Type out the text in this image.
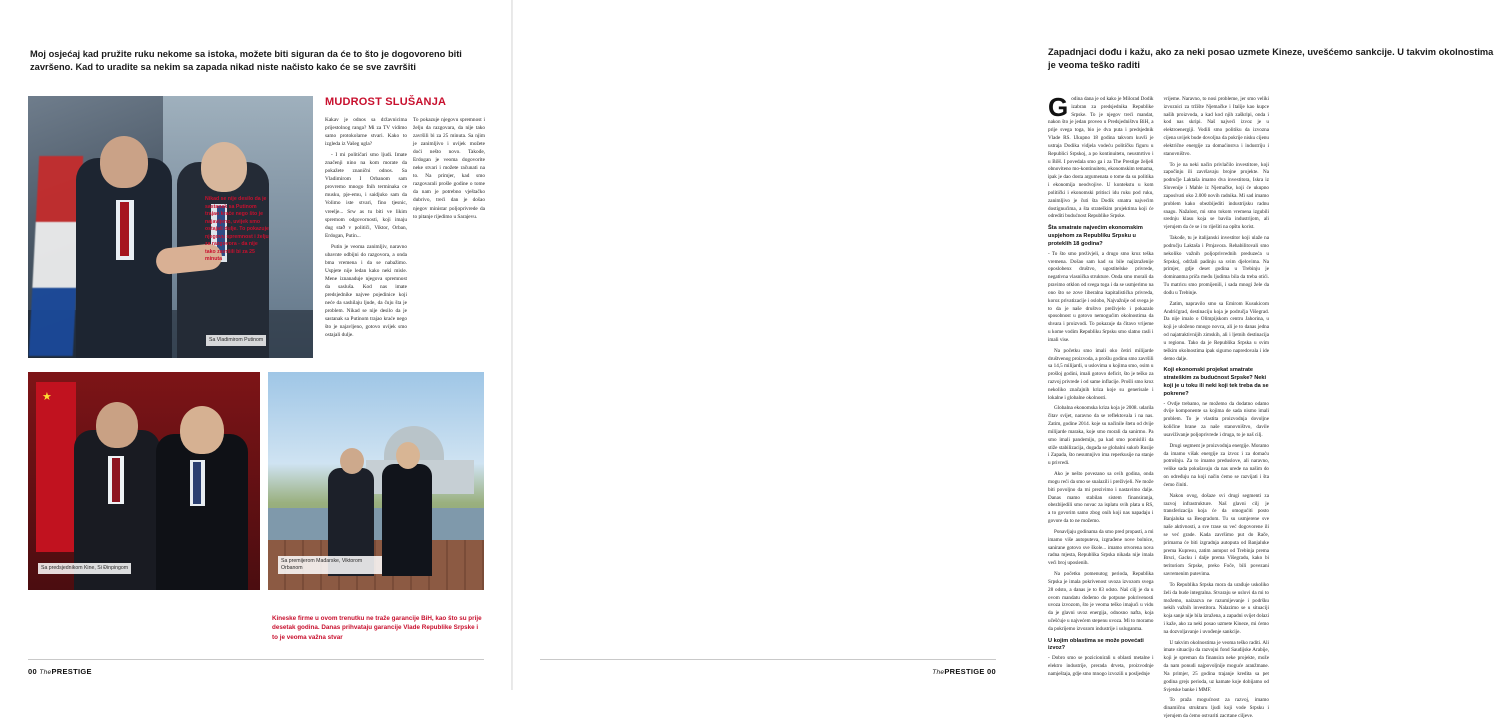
Moj osjećaj kad pružite ruku nekome sa istoka, možete biti siguran da će to što je dogovoreno biti završeno. Kad to uradite sa nekim sa zapada nikad niste načisto kako će se sve završiti
Sa Vladimirom Putinom
MUDROST SLUŠANJA

Kakav je odnos sa državnicima prijestolnog ranga? Mi za TV vidimo samo protokolarne stvari. Kako to izgleda iz Vašeg ugla?

- I mi političari smo ljudi. Imate značenji nino na kom morate da pokažete znanični odnos. Sa Vladimirom I Orbanom sam provremo mnogo fnih terminaka ce musku, pje-emu, i saidjuko sam da Volimo iste stvari, fino tjesnic, vreelje... Srw as tu biti ve likim spremom odgovornosti, koji imaju dug stað v političi, Viktor, Orban, Erdogan, Putin...

Putin je veoma zanimljiv, naravno ubavnte odbijni do razgovora, a onda bma vremena i da se nabažimo. Uspjete nije ledan kako neki misle. Mene iznanaduje njegova spremnost da sasluša. Kod nas imate predsjednike najvee pojedinice koji neće da sashilaju ljude, da čuju šta je problem. Nikad se nije desilo da je sastanak sa Putinom trajao kraće nego što je najavljeno, gotovo uvijek smo ostajali dulje.

To pokazuje njegovu spremnost i želju da razgovara, da nije tako završili bi za 25 minuta. Sa njim je zanimljivo i uvijek možete doći nešto novo. Takođe, Erdogan je veoma dogovorite neke stvari i možete računati na to. Na primjer, kad smo razgovarali prošle godine o tome da nam je potrebno vještačko dubrivo, treći dan je došao njegov ministar poljoprivrede da to pitanje rijedimo u Sarajevu.

Nikad se nije desilo da je sastanak sa Putinom trajao kraće nego što je najavljeno, uvijek smo ostajali dulje. To pokazuje njegovu spremnost i želju za razgovora - da nije tako završili bi za 25 minuta
★
Sa predsjednikom Kine, Si Đinpingom
Sa premijerom Mađarske, Viktorom Orbanom
Kineske firme u ovom trenutku ne traže garancije BiH, kao što su prije desetak godina. Danas prihvataju garancije Vlade Republike Srpske i to je veoma važna stvar
00 ThePRESTIGE
Zapadnjaci dođu i kažu, ako za neki posao uzmete Kineze, uvešćemo sankcije. U takvim okolnostima je veoma teško raditi

Godina dana je od kako je Milorad Dodik izabran za predsjednika Republike Srpske. To je njegov treći mandat, nakon što je jedan proveo u Predsjedništvu BiH, a prije svega toga, bio je dva puta i predsjednik Vlade RS. Ukupno 18 godina takvom kuvši je ustraja Dodika vidjela vodeću političku figuru u Republici Srpskoj, a po kontinuitetu, neusmrtivo i u BiH. I povedala smo ga i za The Prestige željeli obnoviteno mo-kontinuitetu, ekonomskim temama, ipak je dao dosta argumenata o tome da su politika i ekonomija neodvojive. U kontekstu u kom politički i ekonomski pritisci idu ruku pod ruku, zanimljivo je čuti šta Dodik smatra najvećim dostignućima, a šta strateškim projektima koji će odrediti budućnost Republike Srpske.

Šta smatrate najvećim ekonomskim uspjehom za Republiku Srpsku u proteklih 18 godina?

- To što smo preživjeli, a drugo smo kroz teška vremena. Došao sam kad su bile najizraženije oposlobenx društvo, ugostitelske privrede, negativna vlasnička strukture. Onda smo morali da pravimo otklon od svega toga i da se usmjerimo na ono što se zove liberalna kapitalistička privreda, koroz privatizacije i oslobo, Najvažnije od svega je to da je naše društvo preživjelo i pokazalo sposobnost u gotovo nemogućim okolnostima da shvara i proizvodi. To pokazuje da čitavo vrijeme u kome vodim Republiku Srpsku smo slatno rasli i imali vise.

Na početku smo imali oko četiri milijarde društvenog proizvoda, a prošlu godinu smo završili sa 14,5 milijardi, u uslovima u kojima smo, osim u prošloj godini, imali gotovo deficit, što je teško za razvoj privrede i od same inflacije. Prošli smo kroz nekoliko značajnih kriza koje su generisale i lokalne i globalne okolnosti.

Globalna ekonomska kriza koja je 2008. udarila čitav svijet, naravno da se reflektovala i na nas. Zatim, godine 2014. koje su načinile štetu od dvije milijarde maraka, koje smo morali da sanirmo. Pa smo imali pandemiju, pa kad smo pomislili da stiže stabilizacija, događa se globalni sukob Rusije i Zapada, što nesumnjivo ima reperkusije na stanje u privredi.

Ako je nešto povezano sa ovih godina, onda mogu reći da smo se snalazili i preživjeli. Ne može biti povoljno da mi prezivimo i nastavimo dalje. Danas mamo stabilan sistem finansiranja, obezbijedili smo novac za isplatu svih plata u RS, a to govorim samo zbog onih koji nas napadaju i govore da to ne možemo.

Ponavljaju godinama da smo pred propasti, a mi imamo više autoputeva, izgrađene nove bolnice, sanirane gotovo sve škole... imamo otvorena nova radna mjesta, Republika Srpska nikada nije imala veći broj uposlenih.

Na početku pomenutog perioda, Republika Srpska je imala pokrivenost uvoza izvozom svega 28 odsto, a danas je to 83 odsto. Naš cilj je da u ovom mandatu dođemo do potpune pokrivenosti uvoza izvozom, što je veoma teško imajući u vidu da je glavni uvoz energija, odnosno nafta, koja učešćuje u najvećem stepenu uvoza. Mi to moramo da pokrijemo izvozom industrije i usluganma.

U kojim oblastima se može povećati izvoz?

- Dobro smo se pozicionirali u oblasti metalne i elektro industrije, prerada drveta, proizvodnje namještaja, gdje smo mnogo izvozili u posljednje

vrijeme. Naravno, to nosi probleme, jer smo veliki izvoznici za tržište Njemačke i Italije kao kupce naših proizvoda, a kad kod njih zaškripi, onda i kod nas skripi. Naš najveći izvoz je u elektroenergiji. Vodili smo politiku da izvozna cijena uvijek bude dovoljna da pokrije nisku cijenu električne energije za domaćinstva i industriju i stanovništvo.

To je na neki način privlačilo investitore, koji započinju ili završavaju brojne projekte. Na područje Laktaša imamo dva investitora, Iskra iz Slovenije i Mahle iz Njemačke, koji će ukupno zaposlvati oko 2.000 novih radnika. Mi sad imamo problem kako obezbijediti industrijsku radnu snagu. Nažalost, mi smo tokom vremena izgubili srednju klasu koja se bavila industrijom, ali vjerujem da će se i to riješiti na opštu korist.

Takođe, tu je italijanski investitor koji ulaže na području Laktaša i Prnjavora. Rehabilitovali smo nekoliko važnih poljoprivrednih preduzeća u Srpskoj, održali padinju sa svim djelovima. Na primjer, gdje deset godina u Trebinju je dominantna priča među ljudima bila da treba otići. Tu matricu smo promijenili, i sada mnogi žele da dođu u Trebinje.

Zatim, napravilo smo sa Emirom Kusukicom Andrićgrad, destinaciju koja je područja Višegrad. Da nije imalo o Olimpijskom centru Jahorina, u koji je uloženo mnogo novca, ali je to danas jedna od najatraktivnijih zimskih, ali i ljetnih destinacija u regionu. Tako da je Republika Srpska u svim teškim okolnostima ipak sigurno napredovala i ide demo dalje.

Koji ekonomski projekat smatrate strateškim za budućnost Srpske? Neki koji je u toku ili neki koji tek treba da se pokrene?

- Ovdje trebamo, ne možemo da dodatno odamo dvije komponente sa kojima de sada nismo imali problem. To je vlastita proizvodnja dovoljne količine hrane za naše stanovništvo, davile usaviživanje poljoprivrede i druga, to je naš cilj.

Drugi segment je proizvodnja energije. Moramo da imamo višak energije za izvoz i za domaću potrošnju. Za to imamo preduslove, ali naravno, velike sada pokušavaju da nas urede na našim do on određuju na koji način ćemo se razvijati i šta ćemo činiti.

Nakon ovog, došaze svi drugi segmenti za razvoj infrastrukture. Naš glavni cilj je transferizacija koja će da omogućiti posto Banjaluka sa Beogradom. Tu su usmjerene sve naše aktivnosti, a sve trase su već dogovorene ili se već grade. Kada završimo put do Rače, primarna će biti izgradnja autoputa od Banjaluke prema Kupresu, zatim autoput od Trebinja prema Brsci, Gacku i dalje prema Višegradu, kako bi teritoriom Srpske, preko Foče, bili povezani savremenim putevima.

To Republika Srpska mora da urađuje uskoliko želi da bude integralna. Stvaraju se uslovi da mi to možemo, naizazva ne razumijevanje i podršku nekih važnih investitora. Nalazimo se u situaciji koja sanje nije bila izražena, a zapadni svijet dolazi i kaže, ako za neki posao uzmete Kineze, mi ćemo na dozvoljavanje i uvođenje sankcije.

U takvim okolnostima je veoma teško raditi. Ali imate situaciju da razvojni fond Saudijske Arabije, koji je spreman da finansira neke projekte, može da nam ponudi najpovoljnije moguće aranžmane. Na primjer, 25 godina trajanje kredita sa pet godina grejs perioda, uz kamate koje dobijamo od Svjetske banke i MMF.

To praža mogućnost za razvoj, imamo dinamičnu strukturu ljudi koji vode Srpsku i vjerujem da ćemo ostvariti zacrtane ciljeve.

ThePRESTIGE 00
